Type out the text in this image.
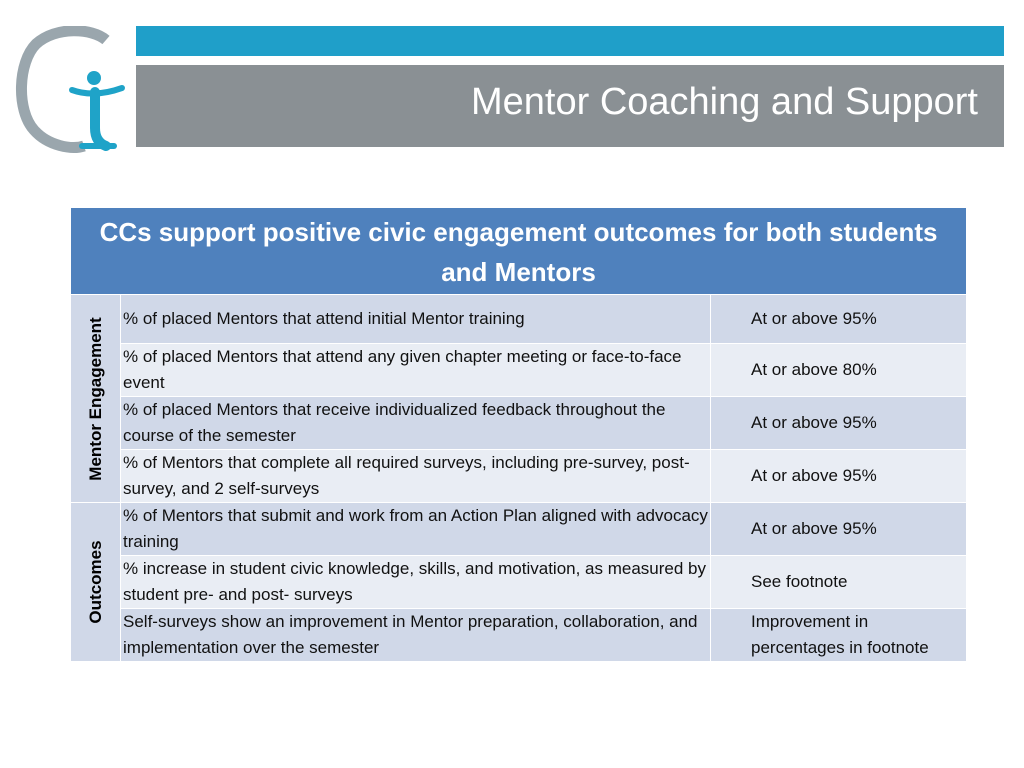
Mentor Coaching and Support
CCs support positive civic engagement outcomes for both students and Mentors		

Mentor Engagement	% of placed Mentors that attend initial Mentor training	At or above 95%
	% of placed Mentors that attend any given chapter meeting or face-to-face event	At or above 80%
	% of placed Mentors that receive individualized feedback throughout the course of the semester	At or above 95%
	% of Mentors that complete all required surveys, including pre-survey, post-survey, and 2 self-surveys	At or above 95%

Outcomes	% of Mentors that submit and work from an Action Plan aligned with advocacy training	At or above 95%
	% increase in student civic knowledge, skills, and motivation, as measured by student pre- and post- surveys	See footnote
	Self-surveys show an improvement in Mentor preparation, collaboration, and implementation over the semester	Improvement in percentages in footnote
